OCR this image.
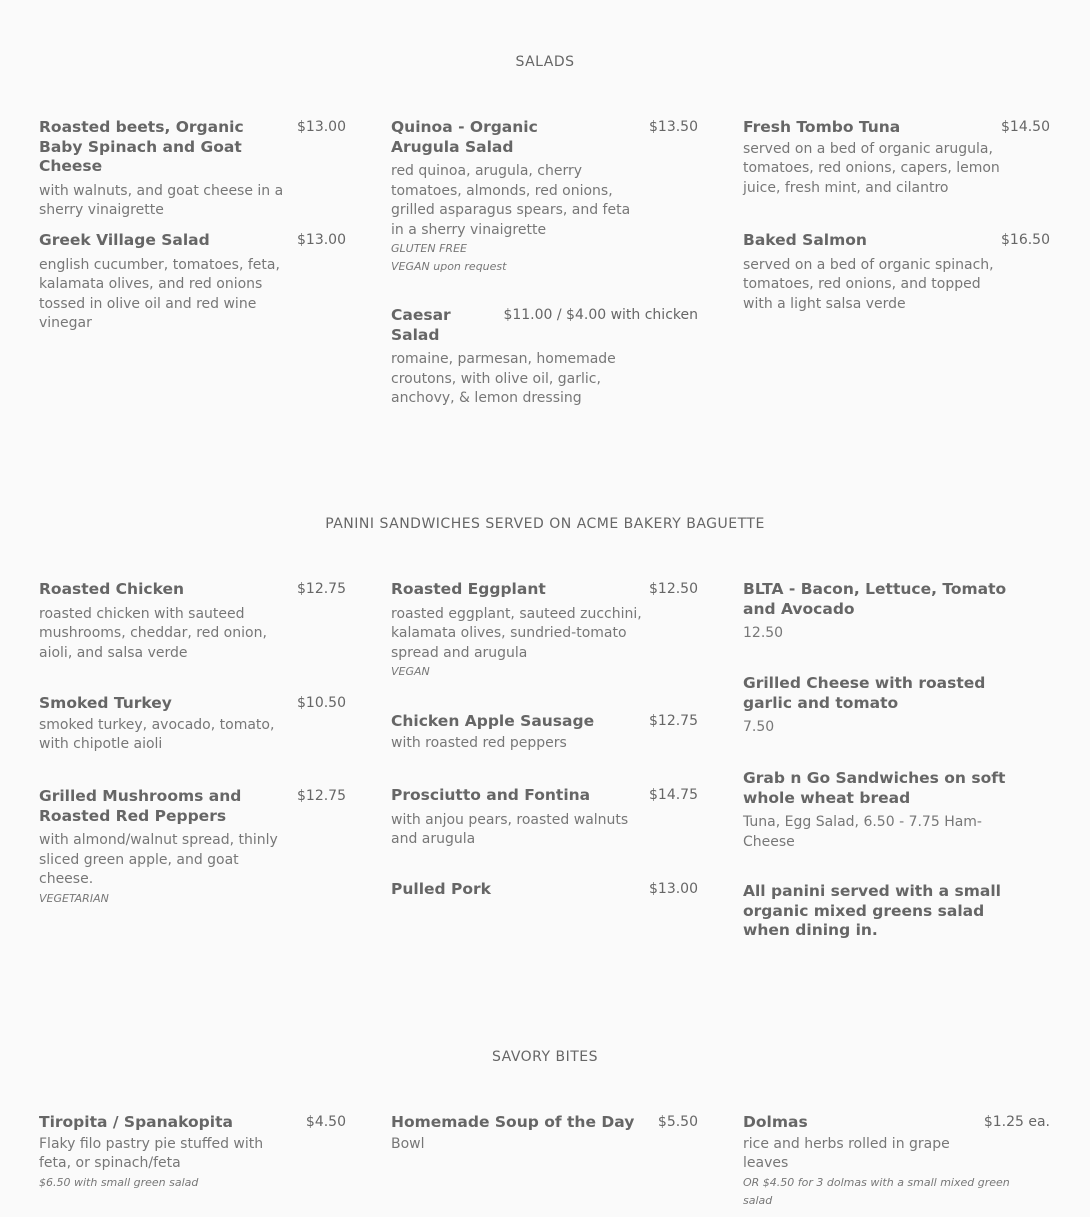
SALADS
Roasted beets, Organic Baby Spinach and Goat Cheese
$13.00
with walnuts, and goat cheese in a sherry vinaigrette
Greek Village Salad	$13.00
english cucumber, tomatoes, feta, kalamata olives, and red onions tossed in olive oil and red wine vinegar
Quinoa - Organic Arugula Salad
$13.50
red quinoa, arugula, cherry tomatoes, almonds, red onions, grilled asparagus spears, and feta in a sherry vinaigrette
GLUTEN FREE
VEGAN upon request
Caesar Salad
$11.00 / $4.00 with chicken
romaine, parmesan, homemade croutons, with olive oil, garlic, anchovy, & lemon dressing
Fresh Tombo Tuna	$14.50
served on a bed of organic arugula, tomatoes, red onions, capers, lemon juice, fresh mint, and cilantro
Baked Salmon	$16.50
served on a bed of organic spinach, tomatoes, red onions, and topped with a light salsa verde
PANINI SANDWICHES SERVED ON ACME BAKERY BAGUETTE
Roasted Chicken	$12.75
roasted chicken with sauteed mushrooms, cheddar, red onion, aioli, and salsa verde
Smoked Turkey	$10.50
smoked turkey, avocado, tomato, with chipotle aioli
Grilled Mushrooms and Roasted Red Peppers
$12.75
with almond/walnut spread, thinly sliced green apple, and goat cheese.
VEGETARIAN
Roasted Eggplant	$12.50
roasted eggplant, sauteed zucchini, kalamata olives, sundried-tomato spread and arugula
VEGAN
Chicken Apple Sausage	$12.75
with roasted red peppers
Prosciutto and Fontina	$14.75
with anjou pears, roasted walnuts and arugula
Pulled Pork	$13.00
BLTA - Bacon, Lettuce, Tomato and Avocado
12.50
Grilled Cheese with roasted garlic and tomato
7.50
Grab n Go Sandwiches on soft whole wheat bread
Tuna, Egg Salad, 6.50 - 7.75 Ham-Cheese
All panini served with a small organic mixed greens salad when dining in.
SAVORY BITES
Tiropita / Spanakopita	$4.50
Flaky filo pastry pie stuffed with feta, or spinach/feta
$6.50 with small green salad
Homemade Soup of the Day	$5.50
Bowl
Dolmas	$1.25 ea.
rice and herbs rolled in grape leaves
OR $4.50 for 3 dolmas with a small mixed green salad
